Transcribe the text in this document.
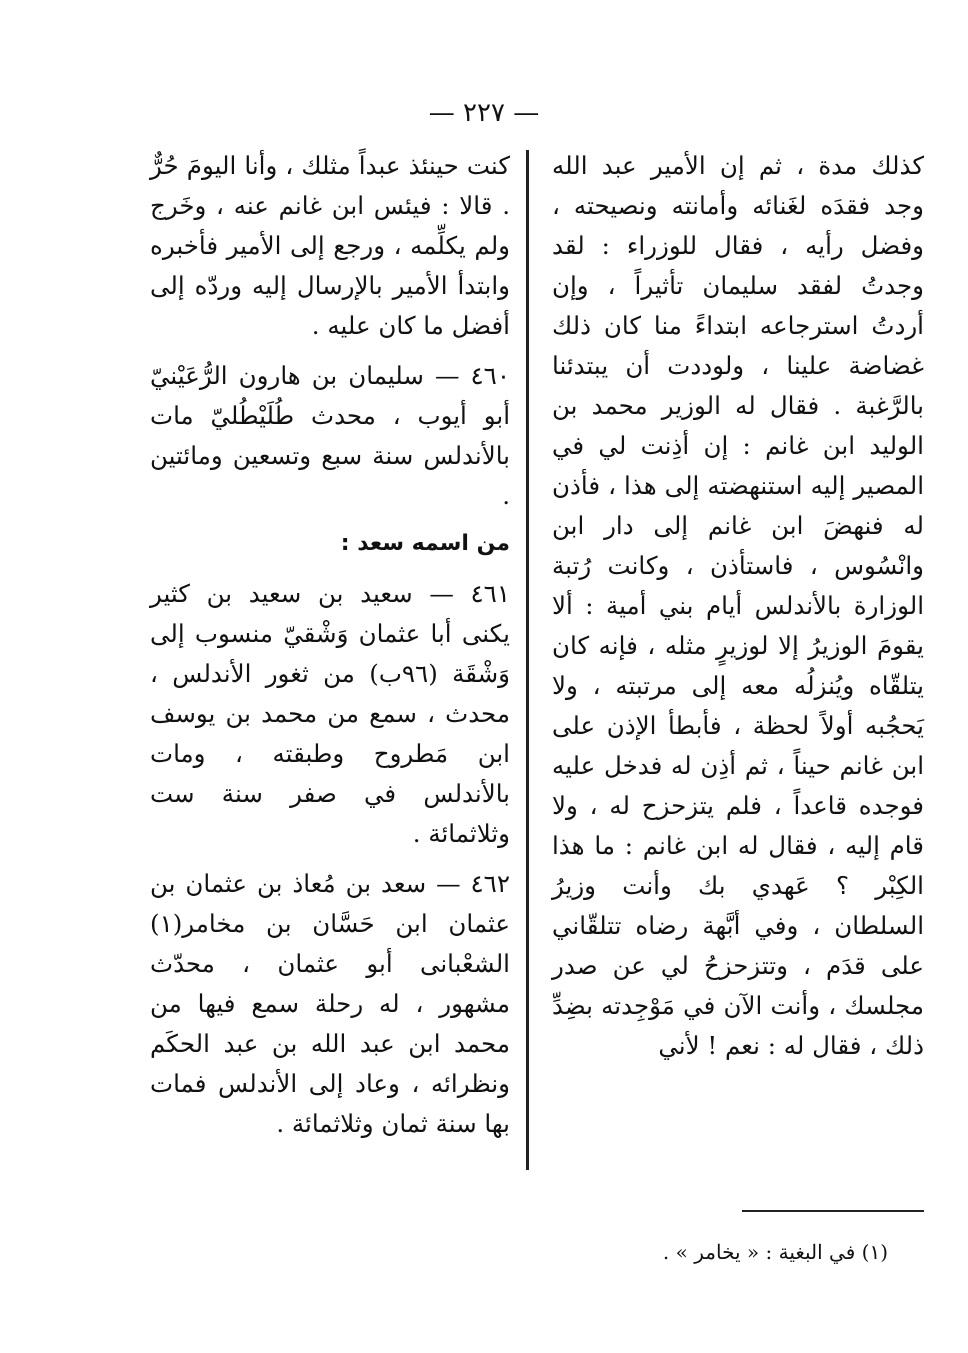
— ٢٢٧ —

كذلك مدة ، ثم إن الأمير عبد الله وجد فقدَه لغَنائه وأمانته ونصيحته ، وفضل رأيه ، فقال للوزراء : لقد وجدتُ لفقد سليمان تأثيراً ، وإن أردتُ استرجاعه ابتداءً منا كان ذلك غضاضة علينا ، ولوددت أن يبتدئنا بالرَّغبة . فقال له الوزير محمد بن الوليد ابن غانم : إن أذِنت لي في المصير إليه استنهضته إلى هذا ، فأذن له فنهضَ ابن غانم إلى دار ابن وانْسُوس ، فاستأذن ، وكانت رُتبة الوزارة بالأندلس أيام بني أمية : ألا يقومَ الوزيرُ إلا لوزيرٍ مثله ، فإنه كان يتلقّاه ويُنزلُه معه إلى مرتبته ، ولا يَحجُبه أولاً لحظة ، فأبطأ الإذن على ابن غانم حيناً ، ثم أذِن له فدخل عليه فوجده قاعداً ، فلم يتزحزح له ، ولا قام إليه ، فقال له ابن غانم : ما هذا الكِبْر ؟ عَهدي بك وأنت وزيرُ السلطان ، وفي أبَّهة رضاه تتلقّاني على قدَم ، وتتزحزحُ لي عن صدر مجلسك ، وأنت الآن في مَوْجِدته بضِدِّ ذلك ، فقال له : نعم ! لأني

كنت حينئذ عبداً مثلك ، وأنا اليومَ حُرٌّ . قالا : فيئس ابن غانم عنه ، وخَرج ولم يكلِّمه ، ورجع إلى الأمير فأخبره وابتدأ الأمير بالإرسال إليه وردّه إلى أفضل ما كان عليه .

٤٦٠ — سليمان بن هارون الرُّعَيْنيّ أبو أيوب ، محدث طُلَيْطُليّ مات بالأندلس سنة سبع وتسعين ومائتين .

من اسمه سعد :

٤٦١ — سعيد بن سعيد بن كثير يكنى أبا عثمان وَشْقيّ منسوب إلى وَشْقَة (٩٦ب) من ثغور الأندلس ، محدث ، سمع من محمد بن يوسف ابن مَطروح وطبقته ، ومات بالأندلس في صفر سنة ست وثلاثمائة .

٤٦٢ — سعد بن مُعاذ بن عثمان بن عثمان ابن حَسَّان بن مخامر(١) الشعْبانى أبو عثمان ، محدّث مشهور ، له رحلة سمع فيها من محمد ابن عبد الله بن عبد الحكَم ونظرائه ، وعاد إلى الأندلس فمات بها سنة ثمان وثلاثمائة .

(١) في البغية : « يخامر » .
